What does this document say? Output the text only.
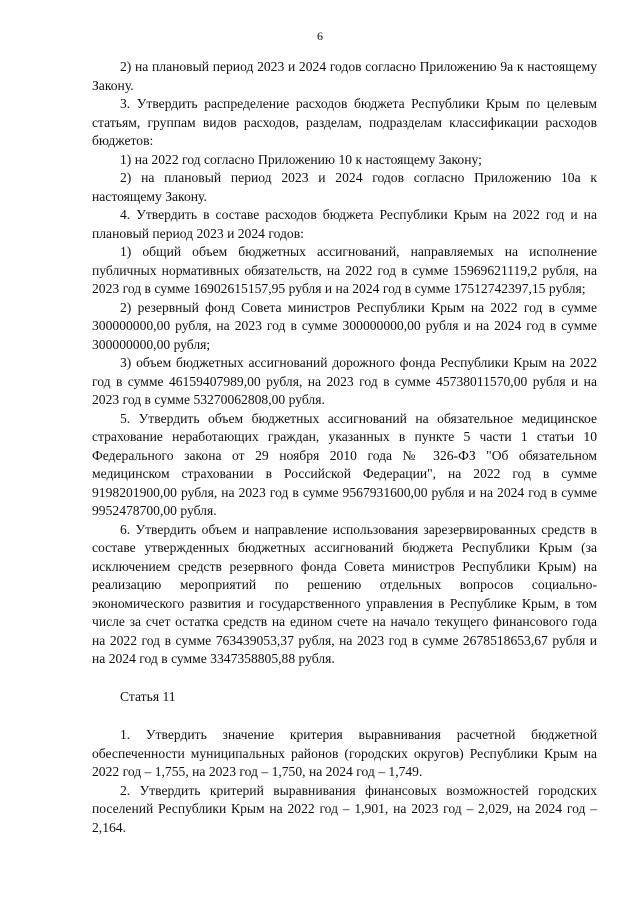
6

2) на плановый период 2023 и 2024 годов согласно Приложению 9а к настоящему Закону.

3. Утвердить распределение расходов бюджета Республики Крым по целевым статьям, группам видов расходов, разделам, подразделам классификации расходов бюджетов:

1) на 2022 год согласно Приложению 10 к настоящему Закону;

2) на плановый период 2023 и 2024 годов согласно Приложению 10а к настоящему Закону.

4. Утвердить в составе расходов бюджета Республики Крым на 2022 год и на плановый период 2023 и 2024 годов:

1) общий объем бюджетных ассигнований, направляемых на исполнение публичных нормативных обязательств, на 2022 год в сумме 15969621119,2 рубля, на 2023 год в сумме 16902615157,95 рубля и на 2024 год в сумме 17512742397,15 рубля;

2) резервный фонд Совета министров Республики Крым на 2022 год в сумме 300000000,00 рубля, на 2023 год в сумме 300000000,00 рубля и на 2024 год в сумме 300000000,00 рубля;

3) объем бюджетных ассигнований дорожного фонда Республики Крым на 2022 год в сумме 46159407989,00 рубля, на 2023 год в сумме 45738011570,00 рубля и на 2023 год в сумме 53270062808,00 рубля.

5. Утвердить объем бюджетных ассигнований на обязательное медицинское страхование неработающих граждан, указанных в пункте 5 части 1 статьи 10 Федерального закона от 29 ноября 2010 года № 326-ФЗ "Об обязательном медицинском страховании в Российской Федерации", на 2022 год в сумме 9198201900,00 рубля, на 2023 год в сумме 9567931600,00 рубля и на 2024 год в сумме 9952478700,00 рубля.

6. Утвердить объем и направление использования зарезервированных средств в составе утвержденных бюджетных ассигнований бюджета Республики Крым (за исключением средств резервного фонда Совета министров Республики Крым) на реализацию мероприятий по решению отдельных вопросов социально-экономического развития и государственного управления в Республике Крым, в том числе за счет остатка средств на едином счете на начало текущего финансового года на 2022 год в сумме 763439053,37 рубля, на 2023 год в сумме 2678518653,67 рубля и на 2024 год в сумме 3347358805,88 рубля.

Статья 11

1. Утвердить значение критерия выравнивания расчетной бюджетной обеспеченности муниципальных районов (городских округов) Республики Крым на 2022 год – 1,755, на 2023 год – 1,750, на 2024 год – 1,749.

2. Утвердить критерий выравнивания финансовых возможностей городских поселений Республики Крым на 2022 год – 1,901, на 2023 год – 2,029, на 2024 год – 2,164.
